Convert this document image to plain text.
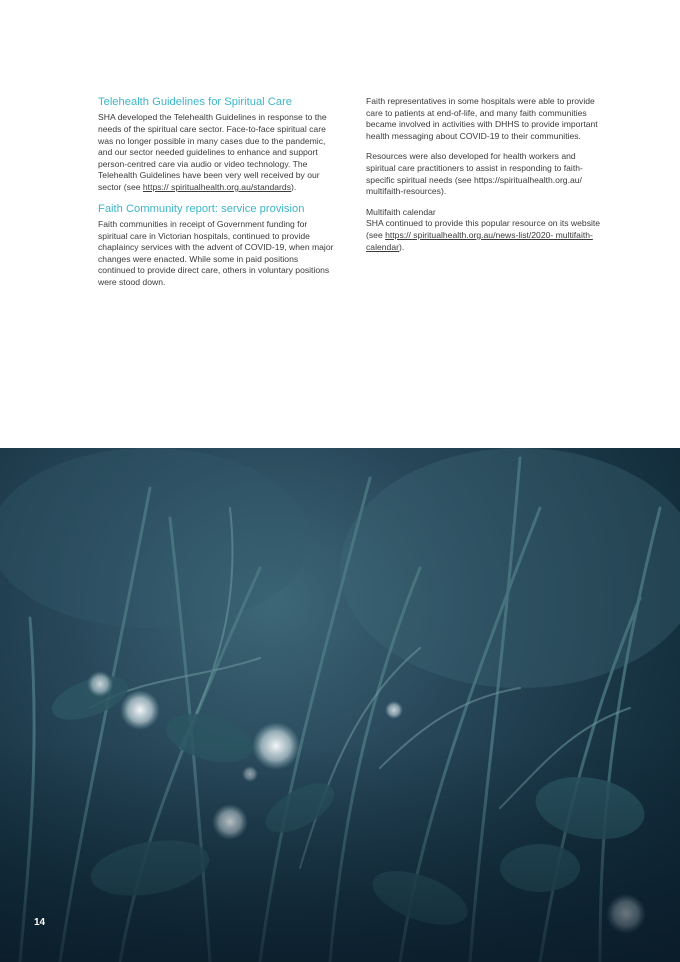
Telehealth Guidelines for Spiritual Care

SHA developed the Telehealth Guidelines in response to the needs of the spiritual care sector. Face-to-face spiritual care was no longer possible in many cases due to the pandemic, and our sector needed guidelines to enhance and support person-centred care via audio or video technology. The Telehealth Guidelines have been very well received by our sector (see https:// spiritualhealth.org.au/standards).

Faith Community report: service provision

Faith communities in receipt of Government funding for spiritual care in Victorian hospitals, continued to provide chaplaincy services with the advent of COVID-19, when major changes were enacted. While some in paid positions continued to provide direct care, others in voluntary positions were stood down.

Faith representatives in some hospitals were able to provide care to patients at end-of-life, and many faith communities became involved in activities with DHHS to provide important health messaging about COVID-19 to their communities.

Resources were also developed for health workers and spiritual care practitioners to assist in responding to faith-specific spiritual needs (see https://spiritualhealth.org.au/ multifaith-resources).

Multifaith calendar

SHA continued to provide this popular resource on its website (see https:// spiritualhealth.org.au/news-list/2020- multifaith-calendar).

14
